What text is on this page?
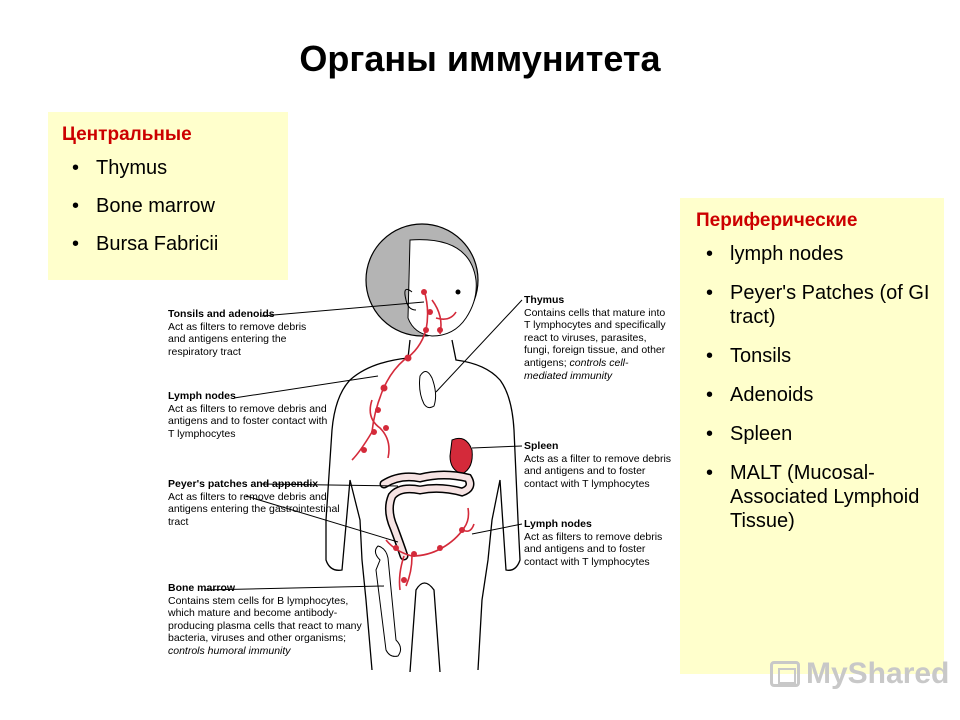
Органы иммунитета
Центральные
• Thymus
• Bone marrow
• Bursa Fabricii
Периферические
• lymph nodes
• Peyer's Patches (of GI tract)
• Tonsils
• Adenoids
• Spleen
• MALT (Mucosal-Associated Lymphoid Tissue)
Tonsils and adenoids
Act as filters to remove debris and antigens entering the respiratory tract
Lymph nodes
Act as filters to remove debris and antigens and to foster contact with T lymphocytes
Peyer's patches and appendix
Act as filters to remove debris and antigens entering the gastrointestinal tract
Bone marrow
Contains stem cells for B lymphocytes, which mature and become antibody-producing plasma cells that react to many bacteria, viruses and other organisms; controls humoral immunity
Thymus
Contains cells that mature into T lymphocytes and specifically react to viruses, parasites, fungi, foreign tissue, and other antigens; controls cell-mediated immunity
Spleen
Acts as a filter to remove debris and antigens and to foster contact with T lymphocytes
Lymph nodes
Act as filters to remove debris and antigens and to foster contact with T lymphocytes
MyShared
